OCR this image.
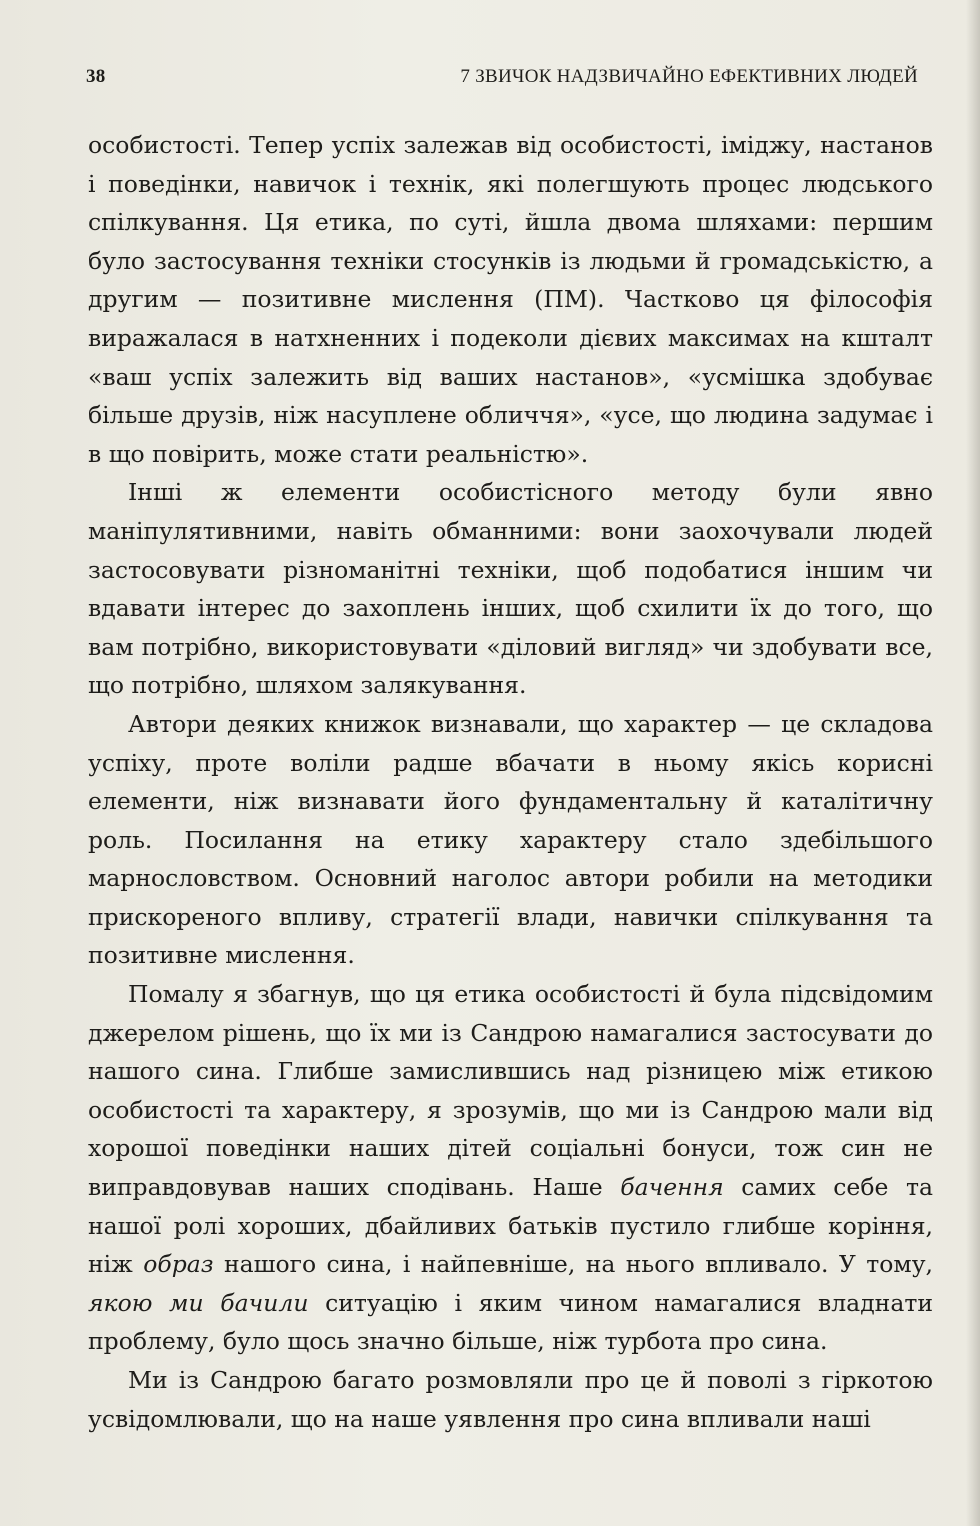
38	7 ЗВИЧОК НАДЗВИЧАЙНО ЕФЕКТИВНИХ ЛЮДЕЙ

особистості. Тепер успіх залежав від особистості, іміджу, настанов і поведінки, навичок і технік, які полегшують процес людського спілкування. Ця етика, по суті, йшла двома шляхами: першим було застосування техніки стосунків із людьми й громадськістю, а другим — позитивне мислення (ПМ). Частково ця філософія виражалася в натхненних і подеколи дієвих максимах на кшталт «ваш успіх залежить від ваших настанов», «усмішка здобуває більше друзів, ніж насуплене обличчя», «усе, що людина задумає і в що повірить, може стати реальністю».

Інші ж елементи особистісного методу були явно маніпулятивними, навіть обманними: вони заохочували людей застосовувати різноманітні техніки, щоб подобатися іншим чи вдавати інтерес до захоплень інших, щоб схилити їх до того, що вам потрібно, використовувати «діловий вигляд» чи здобувати все, що потрібно, шляхом залякування.

Автори деяких книжок визнавали, що характер — це складова успіху, проте воліли радше вбачати в ньому якісь корисні елементи, ніж визнавати його фундаментальну й каталітичну роль. Посилання на етику характеру стало здебільшого марнословством. Основний наголос автори робили на методики прискореного впливу, стратегії влади, навички спілкування та позитивне мислення.

Помалу я збагнув, що ця етика особистості й була підсвідомим джерелом рішень, що їх ми із Сандрою намагалися застосувати до нашого сина. Глибше замислившись над різницею між етикою особистості та характеру, я зрозумів, що ми із Сандрою мали від хорошої поведінки наших дітей соціальні бонуси, тож син не виправдовував наших сподівань. Наше бачення самих себе та нашої ролі хороших, дбайливих батьків пустило глибше коріння, ніж образ нашого сина, і найпевніше, на нього впливало. У тому, якою ми бачили ситуацію і яким чином намагалися владнати проблему, було щось значно більше, ніж турбота про сина.

Ми із Сандрою багато розмовляли про це й поволі з гіркотою усвідомлювали, що на наше уявлення про сина впливали наші
